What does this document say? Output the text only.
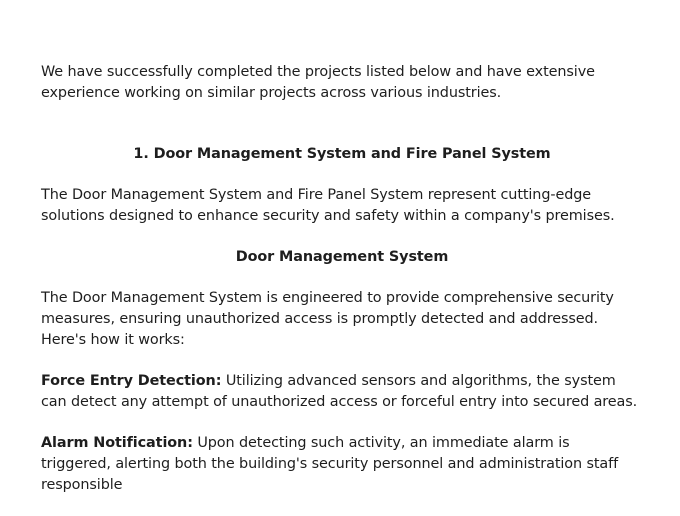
We have successfully completed the projects listed below and have extensive experience working on similar projects across various industries.

1. Door Management System and Fire Panel System

The Door Management System and Fire Panel System represent cutting-edge solutions designed to enhance security and safety within a company's premises.

Door Management System

The Door Management System is engineered to provide comprehensive security measures, ensuring unauthorized access is promptly detected and addressed. Here's how it works:

Force Entry Detection: Utilizing advanced sensors and algorithms, the system can detect any attempt of unauthorized access or forceful entry into secured areas.

Alarm Notification: Upon detecting such activity, an immediate alarm is triggered, alerting both the building's security personnel and administration staff responsible
